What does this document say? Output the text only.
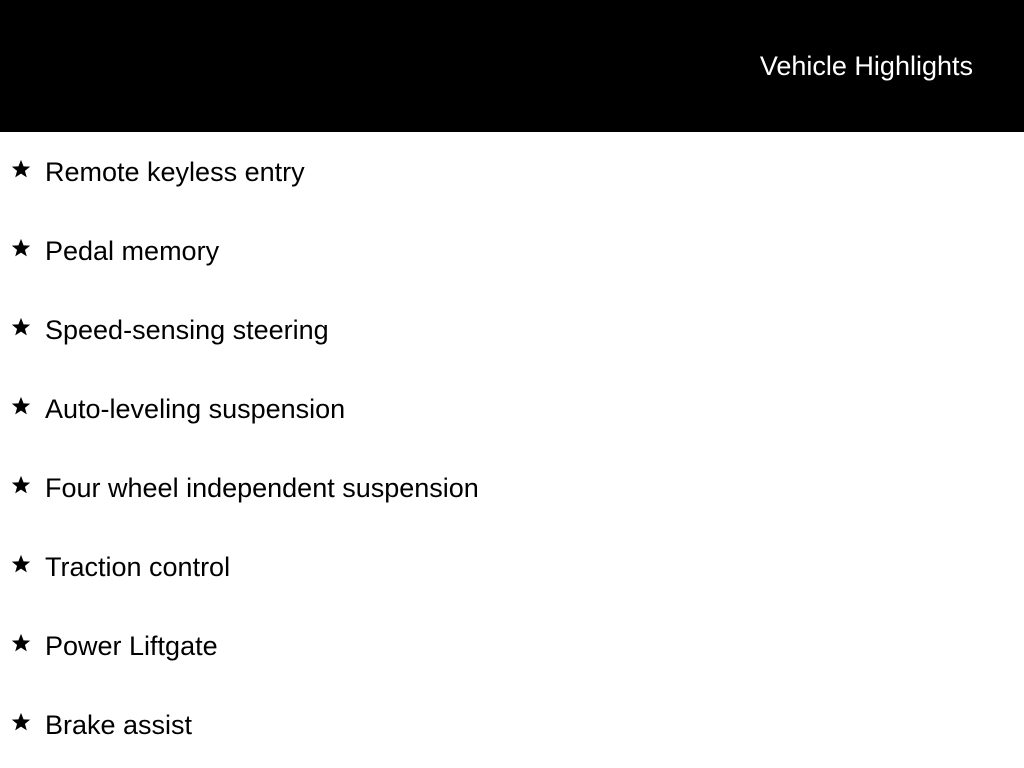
Vehicle Highlights
Remote keyless entry
Pedal memory
Speed-sensing steering
Auto-leveling suspension
Four wheel independent suspension
Traction control
Power Liftgate
Brake assist
